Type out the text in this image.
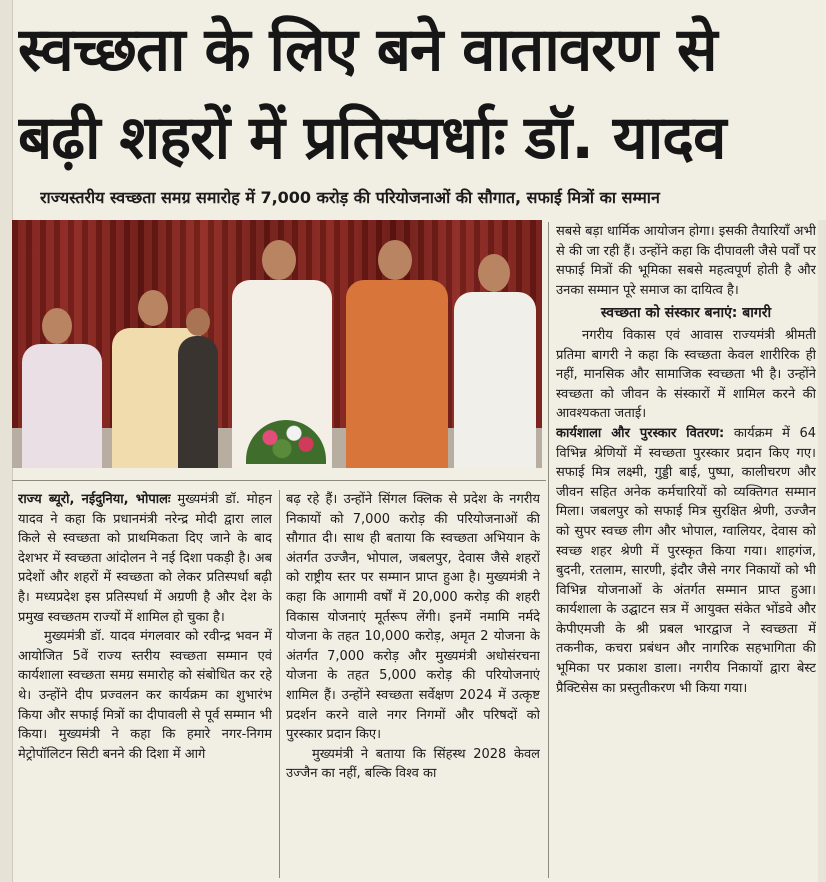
स्वच्छता के लिए बने वातावरण से
बढ़ी शहरों में प्रतिस्पर्धाः डॉ. यादव
राज्यस्तरीय स्वच्छता समग्र समारोह में 7,000 करोड़ की परियोजनाओं की सौगात, सफाई मित्रों का सम्मान

राज्य ब्यूरो, नईदुनिया, भोपालः मुख्यमंत्री डॉ. मोहन यादव ने कहा कि प्रधानमंत्री नरेन्द्र मोदी द्वारा लाल किले से स्वच्छता को प्राथमिकता दिए जाने के बाद देशभर में स्वच्छता आंदोलन ने नई दिशा पकड़ी है। अब प्रदेशों और शहरों में स्वच्छता को लेकर प्रतिस्पर्धा बढ़ी है। मध्यप्रदेश इस प्रतिस्पर्धा में अग्रणी है और देश के प्रमुख स्वच्छतम राज्यों में शामिल हो चुका है।

मुख्यमंत्री डॉ. यादव मंगलवार को रवीन्द्र भवन में आयोजित 5वें राज्य स्तरीय स्वच्छता सम्मान एवं कार्यशाला स्वच्छता समग्र समारोह को संबोधित कर रहे थे। उन्होंने दीप प्रज्वलन कर कार्यक्रम का शुभारंभ किया और सफाई मित्रों का दीपावली से पूर्व सम्मान भी किया। मुख्यमंत्री ने कहा कि हमारे नगर-निगम मेट्रोपॉलिटन सिटी बनने की दिशा में आगे

बढ़ रहे हैं। उन्होंने सिंगल क्लिक से प्रदेश के नगरीय निकायों को 7,000 करोड़ की परियोजनाओं की सौगात दी। साथ ही बताया कि स्वच्छता अभियान के अंतर्गत उज्जैन, भोपाल, जबलपुर, देवास जैसे शहरों को राष्ट्रीय स्तर पर सम्मान प्राप्त हुआ है। मुख्यमंत्री ने कहा कि आगामी वर्षों में 20,000 करोड़ की शहरी विकास योजनाएं मूर्तरूप लेंगी। इनमें नमामि नर्मदे योजना के तहत 10,000 करोड़, अमृत 2 योजना के अंतर्गत 7,000 करोड़ और मुख्यमंत्री अधोसंरचना योजना के तहत 5,000 करोड़ की परियोजनाएं शामिल हैं। उन्होंने स्वच्छता सर्वेक्षण 2024 में उत्कृष्ट प्रदर्शन करने वाले नगर निगमों और परिषदों को पुरस्कार प्रदान किए।

मुख्यमंत्री ने बताया कि सिंहस्थ 2028 केवल उज्जैन का नहीं, बल्कि विश्व का

सबसे बड़ा धार्मिक आयोजन होगा। इसकी तैयारियाँ अभी से की जा रही हैं। उन्होंने कहा कि दीपावली जैसे पर्वों पर सफाई मित्रों की भूमिका सबसे महत्वपूर्ण होती है और उनका सम्मान पूरे समाज का दायित्व है।

स्वच्छता को संस्कार बनाएं: बागरी

नगरीय विकास एवं आवास राज्यमंत्री श्रीमती प्रतिमा बागरी ने कहा कि स्वच्छता केवल शारीरिक ही नहीं, मानसिक और सामाजिक स्वच्छता भी है। उन्होंने स्वच्छता को जीवन के संस्कारों में शामिल करने की आवश्यकता जताई।

कार्यशाला और पुरस्कार वितरण: कार्यक्रम में 64 विभिन्न श्रेणियों में स्वच्छता पुरस्कार प्रदान किए गए। सफाई मित्र लक्ष्मी, गुड्डी बाई, पुष्पा, कालीचरण और जीवन सहित अनेक कर्मचारियों को व्यक्तिगत सम्मान मिला। जबलपुर को सफाई मित्र सुरक्षित श्रेणी, उज्जैन को सुपर स्वच्छ लीग और भोपाल, ग्वालियर, देवास को स्वच्छ शहर श्रेणी में पुरस्कृत किया गया। शाहगंज, बुदनी, रतलाम, सारणी, इंदौर जैसे नगर निकायों को भी विभिन्न योजनाओं के अंतर्गत सम्मान प्राप्त हुआ। कार्यशाला के उद्घाटन सत्र में आयुक्त संकेत भोंडवे और केपीएमजी के श्री प्रबल भारद्वाज ने स्वच्छता में तकनीक, कचरा प्रबंधन और नागरिक सहभागिता की भूमिका पर प्रकाश डाला। नगरीय निकायों द्वारा बेस्ट प्रैक्टिसेस का प्रस्तुतीकरण भी किया गया।
